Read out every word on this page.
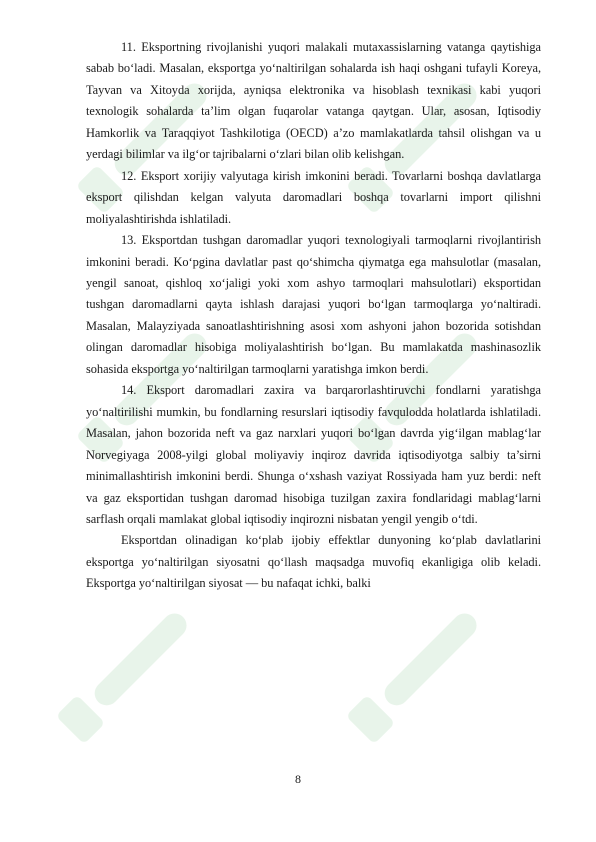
11. Eksportning rivojlanishi yuqori malakali mutaxassislarning vatanga qaytishiga sabab bo‘ladi. Masalan, eksportga yo‘naltirilgan sohalarda ish haqi oshgani tufayli Koreya, Tayvan va Xitoyda xorijda, ayniqsa elektronika va hisoblash texnikasi kabi yuqori texnologik sohalarda ta’lim olgan fuqarolar vatanga qaytgan. Ular, asosan, Iqtisodiy Hamkorlik va Taraqqiyot Tashkilotiga (OECD) a’zo mamlakatlarda tahsil olishgan va u yerdagi bilimlar va ilg‘or tajribalarni o‘zlari bilan olib kelishgan.

12. Eksport xorijiy valyutaga kirish imkonini beradi. Tovarlarni boshqa davlatlarga eksport qilishdan kelgan valyuta daromadlari boshqa tovarlarni import qilishni moliyalashtirishda ishlatiladi.

13. Eksportdan tushgan daromadlar yuqori texnologiyali tarmoqlarni rivojlantirish imkonini beradi. Ko‘pgina davlatlar past qo‘shimcha qiymatga ega mahsulotlar (masalan, yengil sanoat, qishloq xo‘jaligi yoki xom ashyo tarmoqlari mahsulotlari) eksportidan tushgan daromadlarni qayta ishlash darajasi yuqori bo‘lgan tarmoqlarga yo‘naltiradi. Masalan, Malayziyada sanoatlashtirishning asosi xom ashyoni jahon bozorida sotishdan olingan daromadlar hisobiga moliyalashtirish bo‘lgan. Bu mamlakatda mashinasozlik sohasida eksportga yo‘naltirilgan tarmoqlarni yaratishga imkon berdi.

14. Eksport daromadlari zaxira va barqarorlashtiruvchi fondlarni yaratishga yo‘naltirilishi mumkin, bu fondlarning resurslari iqtisodiy favqulodda holatlarda ishlatiladi. Masalan, jahon bozorida neft va gaz narxlari yuqori bo‘lgan davrda yig‘ilgan mablag‘lar Norvegiyaga 2008-yilgi global moliyaviy inqiroz davrida iqtisodiyotga salbiy ta’sirni minimallashtirish imkonini berdi. Shunga o‘xshash vaziyat Rossiyada ham yuz berdi: neft va gaz eksportidan tushgan daromad hisobiga tuzilgan zaxira fondlaridagi mablag‘larni sarflash orqali mamlakat global iqtisodiy inqirozni nisbatan yengil yengib o‘tdi.

Eksportdan olinadigan ko‘plab ijobiy effektlar dunyoning ko‘plab davlatlarini eksportga yo‘naltirilgan siyosatni qo‘llash maqsadga muvofiq ekanligiga olib keladi. Eksportga yo‘naltirilgan siyosat — bu nafaqat ichki, balki

8
